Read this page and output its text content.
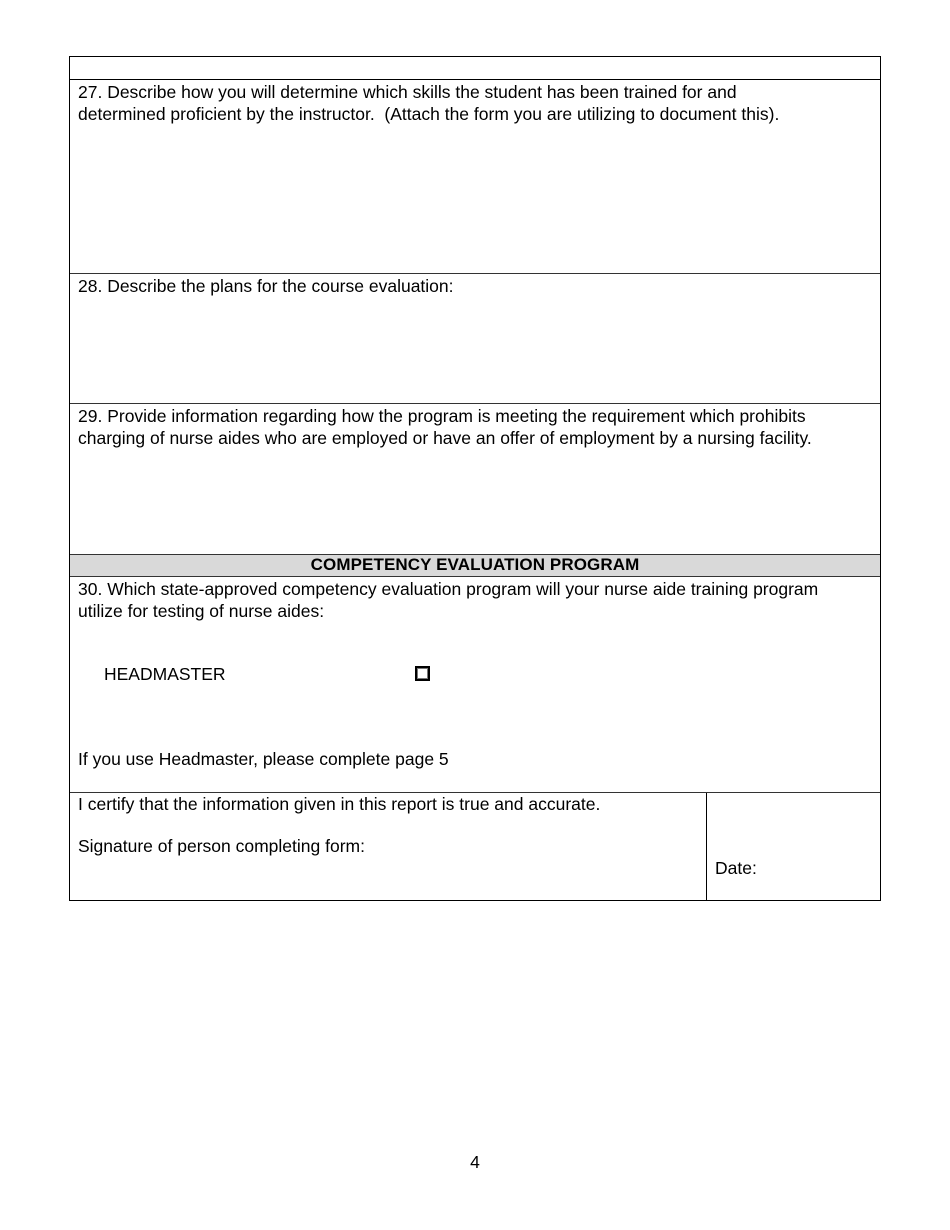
27. Describe how you will determine which skills the student has been trained for and
determined proficient by the instructor.  (Attach the form you are utilizing to document this).
28. Describe the plans for the course evaluation:
29. Provide information regarding how the program is meeting the requirement which prohibits
charging of nurse aides who are employed or have an offer of employment by a nursing facility.
COMPETENCY EVALUATION PROGRAM
30. Which state-approved competency evaluation program will your nurse aide training program
utilize for testing of nurse aides:
HEADMASTER
If you use Headmaster, please complete page 5
I certify that the information given in this report is true and accurate.
Signature of person completing form:
Date:
4
